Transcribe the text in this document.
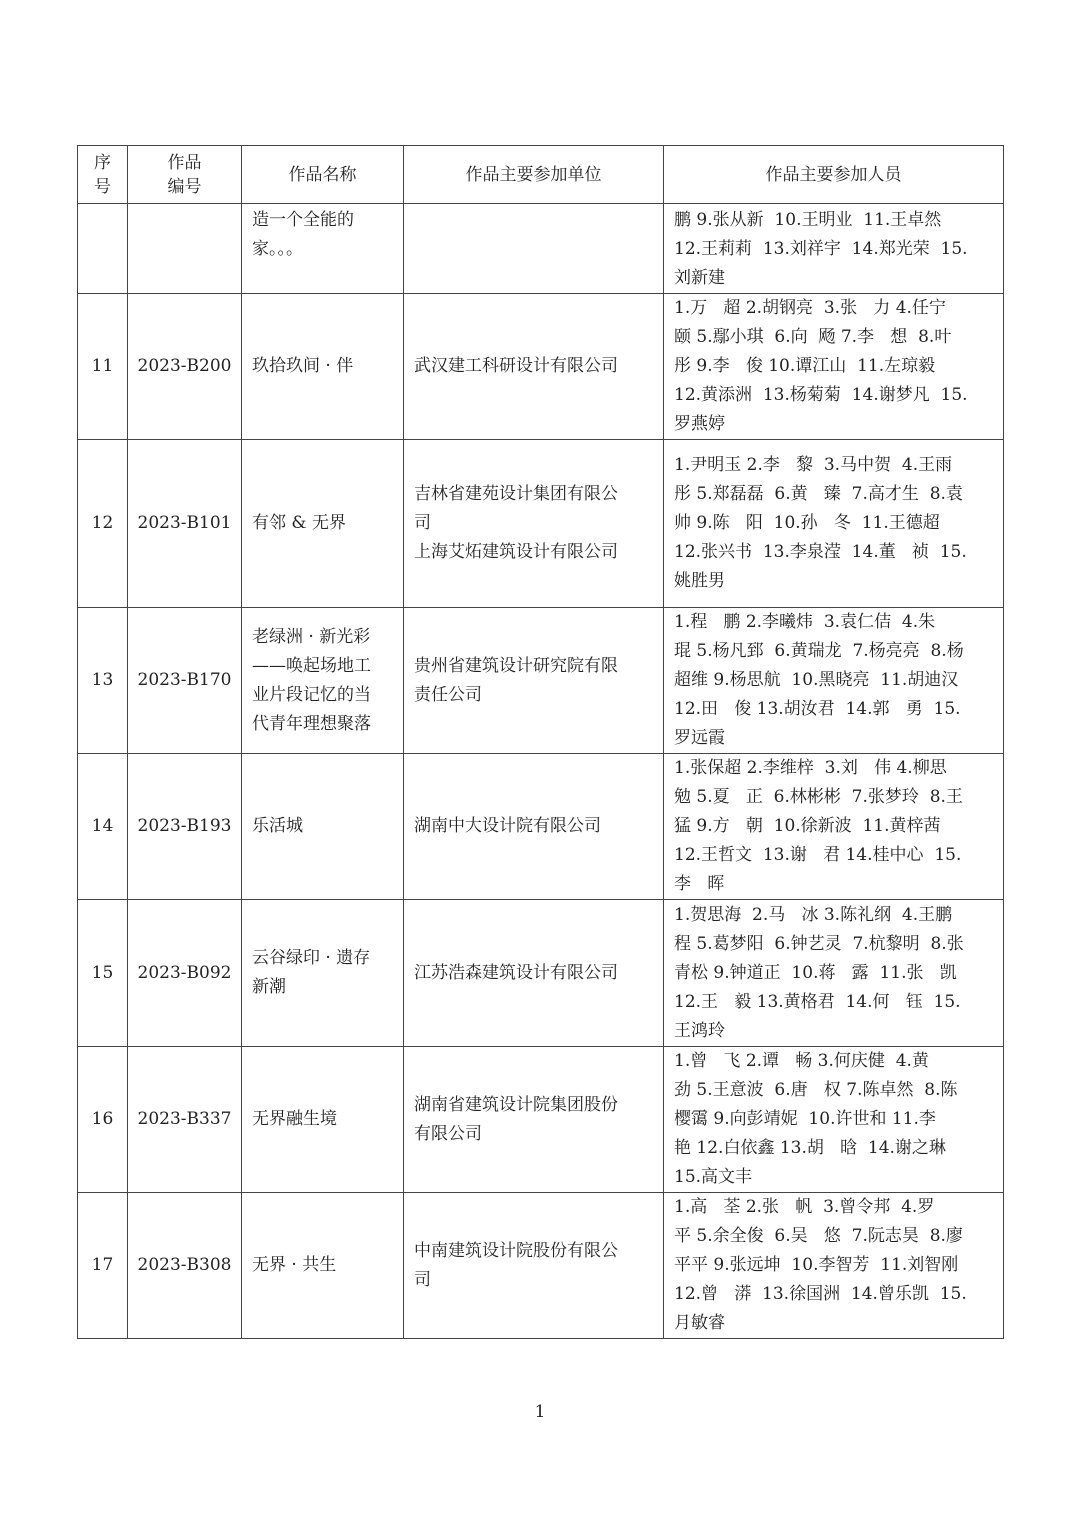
序
号	作品
编号	作品名称	作品主要参加单位	作品主要参加人员

		造一个全能的
家。。。		鹏 9.张从新  10.王明业  11.王卓然
12.王莉莉  13.刘祥宇  14.郑光荣  15.
刘新建

11	2023-B200	玖拾玖间 · 伴	武汉建工科研设计有限公司	1.万   超 2.胡钢亮  3.张   力 4.任宁
颐 5.鄢小琪  6.向  飏 7.李   想  8.叶
彤 9.李   俊 10.谭江山  11.左琼毅
12.黄添洲  13.杨菊菊  14.谢梦凡  15.
罗燕婷

12	2023-B101	有邻 & 无界	吉林省建苑设计集团有限公
司
上海艾炻建筑设计有限公司	1.尹明玉 2.李   黎  3.马中贺  4.王雨
彤 5.郑磊磊  6.黄   臻  7.高才生  8.袁
帅 9.陈   阳  10.孙   冬  11.王德超
12.张兴书  13.李泉滢  14.董   祯  15.
姚胜男

13	2023-B170	老绿洲 · 新光彩
——唤起场地工
业片段记忆的当
代青年理想聚落	贵州省建筑设计研究院有限
责任公司	1.程   鹏 2.李曦炜  3.袁仁佶  4.朱
琨 5.杨凡郅  6.黄瑞龙  7.杨亮亮  8.杨
超维 9.杨思航  10.黑晓亮  11.胡迪汉
12.田   俊 13.胡汝君  14.郭   勇  15.
罗远霞

14	2023-B193	乐活城	湖南中大设计院有限公司	1.张保超 2.李维梓  3.刘   伟 4.柳思
勉 5.夏   正  6.林彬彬  7.张梦玲  8.王
猛 9.方   朝  10.徐新波  11.黄梓茜
12.王哲文  13.谢   君 14.桂中心  15.
李   晖

15	2023-B092	云谷绿印 · 遗存
新潮	江苏浩森建筑设计有限公司	1.贺思海  2.马   冰 3.陈礼纲  4.王鹏
程 5.葛梦阳  6.钟艺灵  7.杭黎明  8.张
青松 9.钟道正  10.蒋   露  11.张   凯
12.王   毅 13.黄格君  14.何   钰  15.
王鸿玲

16	2023-B337	无界融生境	湖南省建筑设计院集团股份
有限公司	1.曾   飞 2.谭   畅 3.何庆健  4.黄
劲 5.王意波  6.唐   权 7.陈卓然  8.陈
樱霭 9.向彭靖妮  10.许世和 11.李
艳 12.白依鑫 13.胡   晗  14.谢之琳
15.高文丰

17	2023-B308	无界 · 共生	中南建筑设计院股份有限公
司	1.高   荃 2.张   帆  3.曾令邦  4.罗
平 5.余全俊  6.吴   悠  7.阮志昊  8.廖
平平 9.张远坤  10.李智芳  11.刘智刚
12.曾   漭  13.徐国洲  14.曾乐凯  15.
月敏睿
1
